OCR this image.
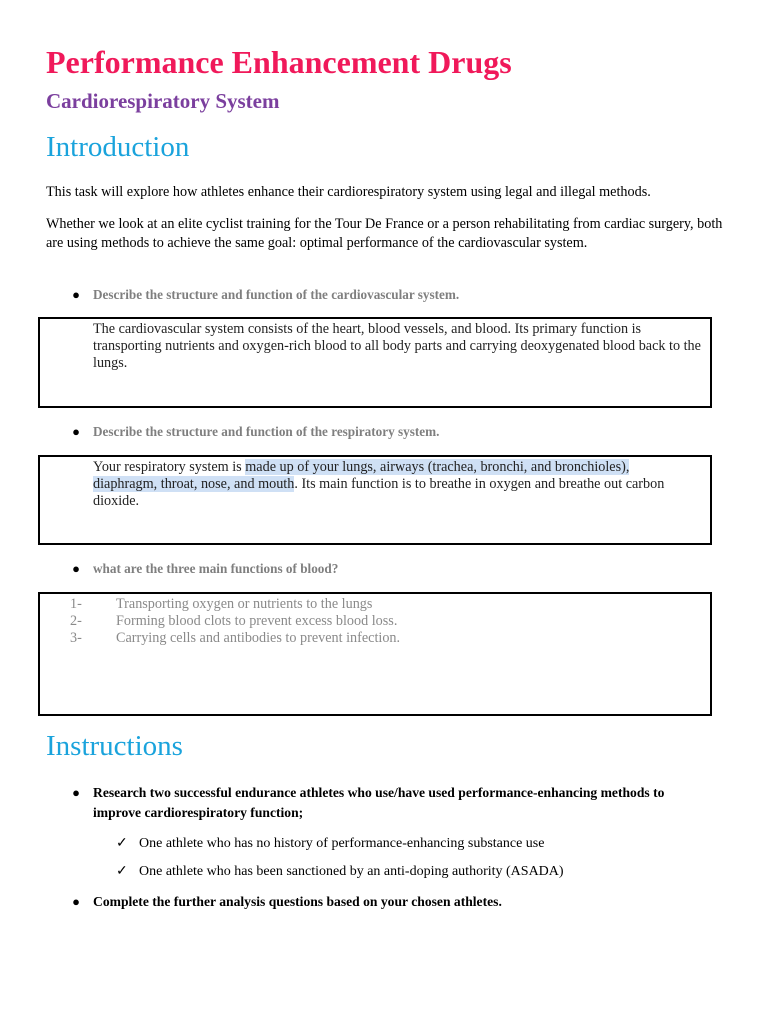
Performance Enhancement Drugs
Cardiorespiratory System
Introduction
This task will explore how athletes enhance their cardiorespiratory system using legal and illegal methods.
Whether we look at an elite cyclist training for the Tour De France or a person rehabilitating from cardiac surgery, both are using methods to achieve the same goal: optimal performance of the cardiovascular system.
● Describe the structure and function of the cardiovascular system.
The cardiovascular system consists of the heart, blood vessels, and blood. Its primary function is transporting nutrients and oxygen-rich blood to all body parts and carrying deoxygenated blood back to the lungs.
● Describe the structure and function of the respiratory system.
Your respiratory system is made up of your lungs, airways (trachea, bronchi, and bronchioles), diaphragm, throat, nose, and mouth. Its main function is to breathe in oxygen and breathe out carbon dioxide.
● what are the three main functions of blood?
1- Transporting oxygen or nutrients to the lungs
2- Forming blood clots to prevent excess blood loss.
3- Carrying cells and antibodies to prevent infection.
Instructions
● Research two successful endurance athletes who use/have used performance-enhancing methods to improve cardiorespiratory function;
✓ One athlete who has no history of performance-enhancing substance use
✓ One athlete who has been sanctioned by an anti-doping authority (ASADA)
● Complete the further analysis questions based on your chosen athletes.
